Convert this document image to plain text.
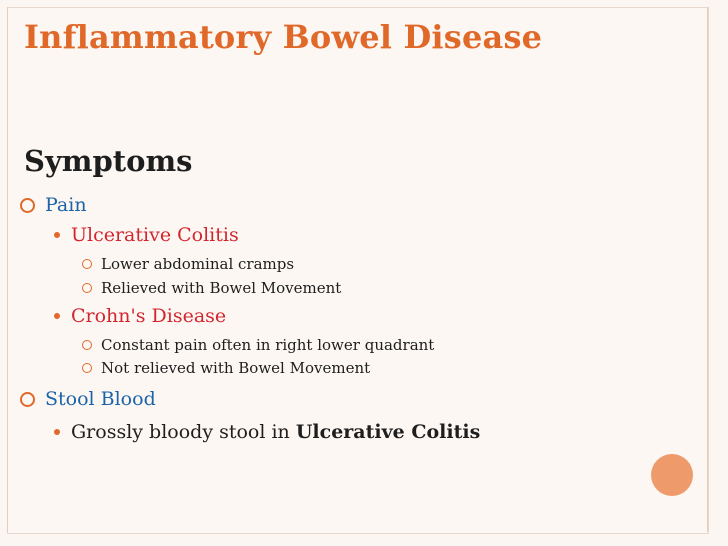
Inflammatory Bowel Disease
Symptoms
Pain
Ulcerative Colitis
Lower abdominal cramps
Relieved with Bowel Movement
Crohn's Disease
Constant pain often in right lower quadrant
Not relieved with Bowel Movement
Stool Blood
Grossly bloody stool in Ulcerative Colitis
